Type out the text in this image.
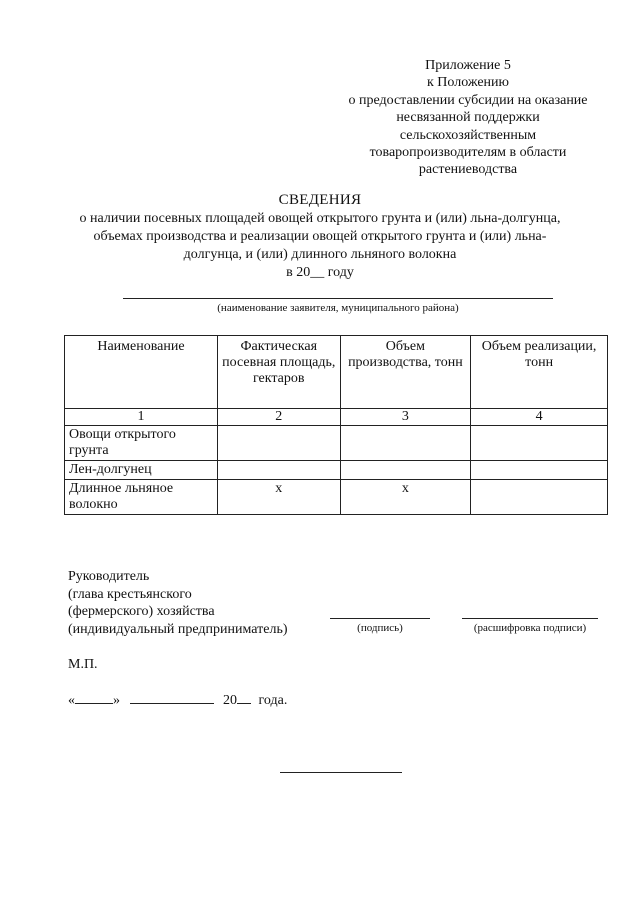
Приложение 5
к Положению
о предоставлении субсидии на оказание
несвязанной поддержки
сельскохозяйственным
товаропроизводителям в области
растениеводства
СВЕДЕНИЯ
о наличии посевных площадей овощей открытого грунта и (или) льна-долгунца,
объемах производства и реализации овощей открытого грунта и (или) льна-
долгунца, и (или) длинного льняного волокна
в 20__ году
(наименование заявителя, муниципального района)
Наименование	Фактическая посевная площадь, гектаров	Объем производства, тонн	Объем реализации, тонн
1	2	3	4
Овощи открытого грунта			
Лен-долгунец			
Длинное льняное волокно	х	х	
Руководитель
(глава крестьянского
(фермерского) хозяйства
(индивидуальный предприниматель)	(подпись)	(расшифровка подписи)
М.П.
«	»	20 года.
